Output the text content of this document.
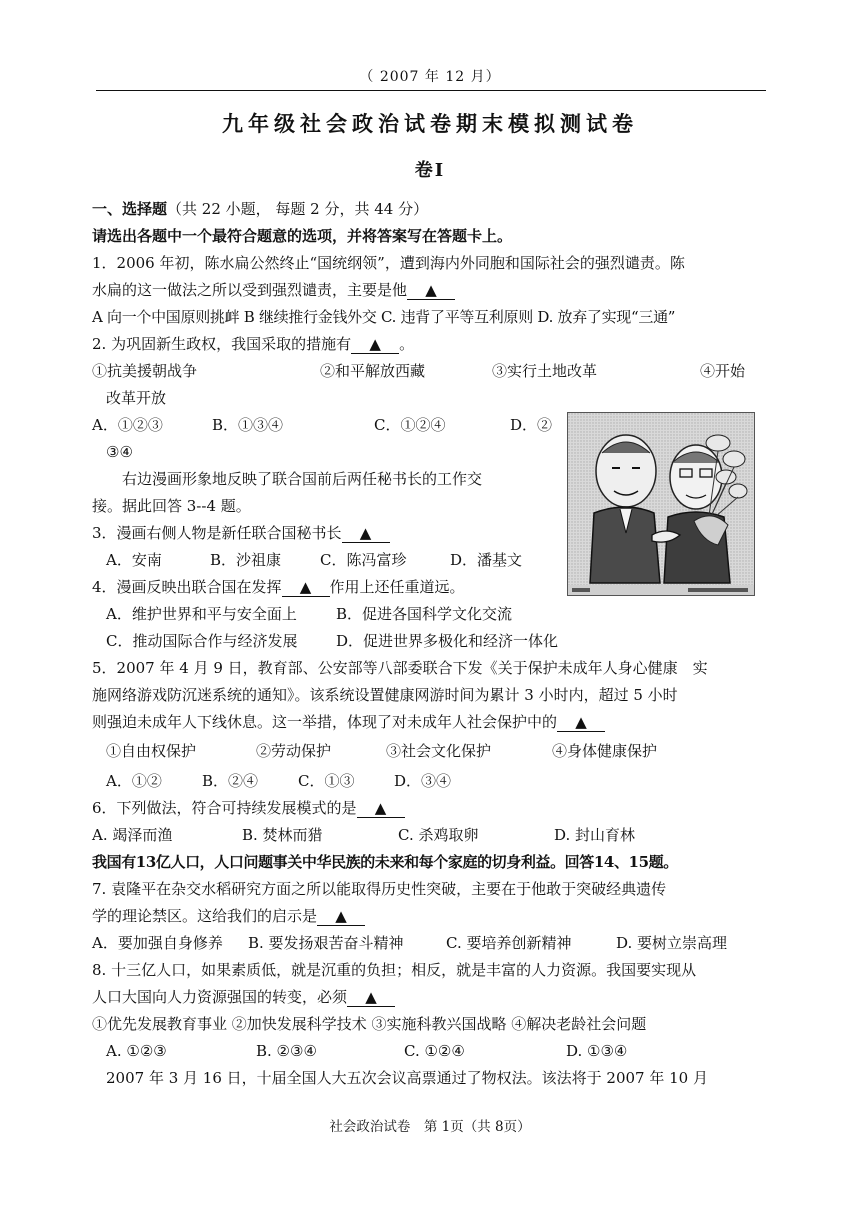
（ 2007 年 12 月）
九年级社会政治试卷期末模拟测试卷
卷Ⅰ
一、选择题（共 22 小题， 每题 2 分，共 44 分）
请选出各题中一个最符合题意的选项，并将答案写在答题卡上。
1．2006 年初，陈水扁公然终止“国统纲领”，遭到海内外同胞和国际社会的强烈谴责。陈
水扁的这一做法之所以受到强烈谴责，主要是他 ▲
A 向一个中国原则挑衅 B 继续推行金钱外交 C. 违背了平等互利原则 D. 放弃了实现“三通”
2. 为巩固新生政权，我国采取的措施有 ▲ 。
①抗美援朝战争	②和平解放西藏	③实行土地改革	④开始
改革开放
A．①②③	B．①③④	C．①②④	D．②
③④
右边漫画形象地反映了联合国前后两任秘书长的工作交
接。据此回答 3--4 题。
3．漫画右侧人物是新任联合国秘书长 ▲
A．安南	B．沙祖康	C．陈冯富珍	D．潘基文
4．漫画反映出联合国在发挥 ▲ 作用上还任重道远。
A．维护世界和平与安全面上	B．促进各国科学文化交流
C．推动国际合作与经济发展	D．促进世界多极化和经济一体化
5．2007 年 4 月 9 日，教育部、公安部等八部委联合下发《关于保护未成年人身心健康　实
施网络游戏防沉迷系统的通知》。该系统设置健康网游时间为累计 3 小时内，超过 5 小时
则强迫未成年人下线休息。这一举措，体现了对未成年人社会保护中的 ▲
①自由权保护	②劳动保护	③社会文化保护	④身体健康保护
A．①②	B．②④	C．①③	D．③④
6．下列做法，符合可持续发展模式的是 ▲
A. 竭泽而渔	B. 焚林而猎	C. 杀鸡取卵	D. 封山育林
我国有13亿人口，人口问题事关中华民族的未来和每个家庭的切身利益。回答14、15题。
7. 袁隆平在杂交水稻研究方面之所以能取得历史性突破，主要在于他敢于突破经典遗传
学的理论禁区。这给我们的启示是 ▲
A．要加强自身修养	B. 要发扬艰苦奋斗精神	C. 要培养创新精神	D. 要树立崇高理
8. 十三亿人口，如果素质低，就是沉重的负担；相反，就是丰富的人力资源。我国要实现从
人口大国向人力资源强国的转变，必须 ▲
①优先发展教育事业 ②加快发展科学技术 ③实施科教兴国战略 ④解决老龄社会问题
A. ①②③	B. ②③④	C. ①②④	D. ①③④
2007 年 3 月 16 日，十届全国人大五次会议高票通过了物权法。该法将于 2007 年 10 月
社会政治试卷　第 1页（共 8页）
